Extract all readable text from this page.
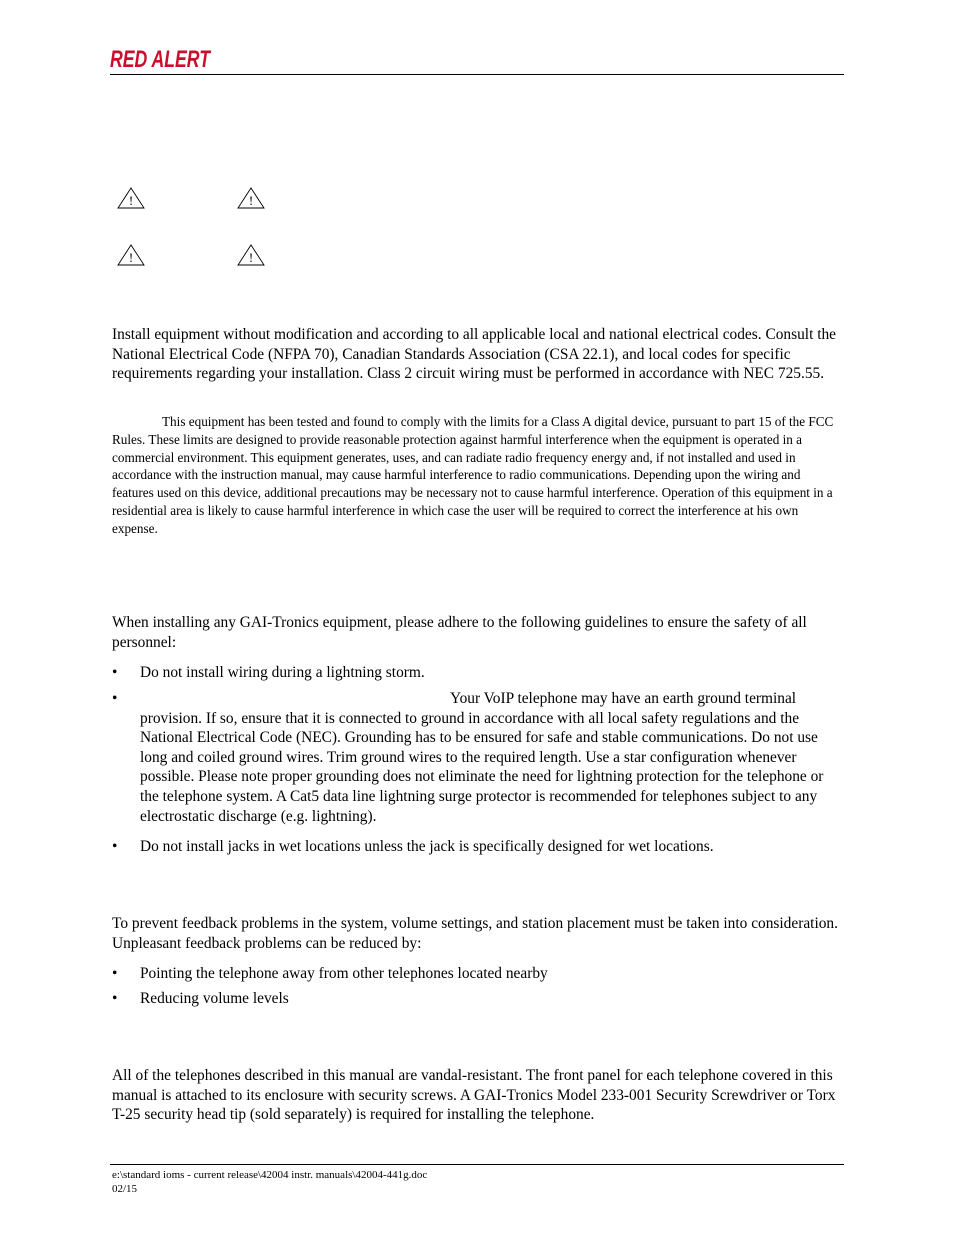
RED ALERT
!	!
!	!

Install equipment without modification and according to all applicable local and national electrical codes. Consult the National Electrical Code (NFPA 70), Canadian Standards Association (CSA 22.1), and local codes for specific requirements regarding your installation. Class 2 circuit wiring must be performed in accordance with NEC 725.55.

This equipment has been tested and found to comply with the limits for a Class A digital device, pursuant to part 15 of the FCC Rules. These limits are designed to provide reasonable protection against harmful interference when the equipment is operated in a commercial environment. This equipment generates, uses, and can radiate radio frequency energy and, if not installed and used in accordance with the instruction manual, may cause harmful interference to radio communications. Depending upon the wiring and features used on this device, additional precautions may be necessary not to cause harmful interference. Operation of this equipment in a residential area is likely to cause harmful interference in which case the user will be required to correct the interference at his own expense.

When installing any GAI-Tronics equipment, please adhere to the following guidelines to ensure the safety of all personnel:

•	Do not install wiring during a lightning storm.
•	Your VoIP telephone may have an earth ground terminal provision. If so, ensure that it is connected to ground in accordance with all local safety regulations and the National Electrical Code (NEC). Grounding has to be ensured for safe and stable communications. Do not use long and coiled ground wires. Trim ground wires to the required length. Use a star configuration whenever possible. Please note proper grounding does not eliminate the need for lightning protection for the telephone or the telephone system. A Cat5 data line lightning surge protector is recommended for telephones subject to any electrostatic discharge (e.g. lightning).
•	Do not install jacks in wet locations unless the jack is specifically designed for wet locations.

To prevent feedback problems in the system, volume settings, and station placement must be taken into consideration. Unpleasant feedback problems can be reduced by:

•	Pointing the telephone away from other telephones located nearby
•	Reducing volume levels

All of the telephones described in this manual are vandal-resistant. The front panel for each telephone covered in this manual is attached to its enclosure with security screws. A GAI-Tronics Model 233-001 Security Screwdriver or Torx T-25 security head tip (sold separately) is required for installing the telephone.

e:\standard ioms - current release\42004 instr. manuals\42004-441g.doc
02/15
